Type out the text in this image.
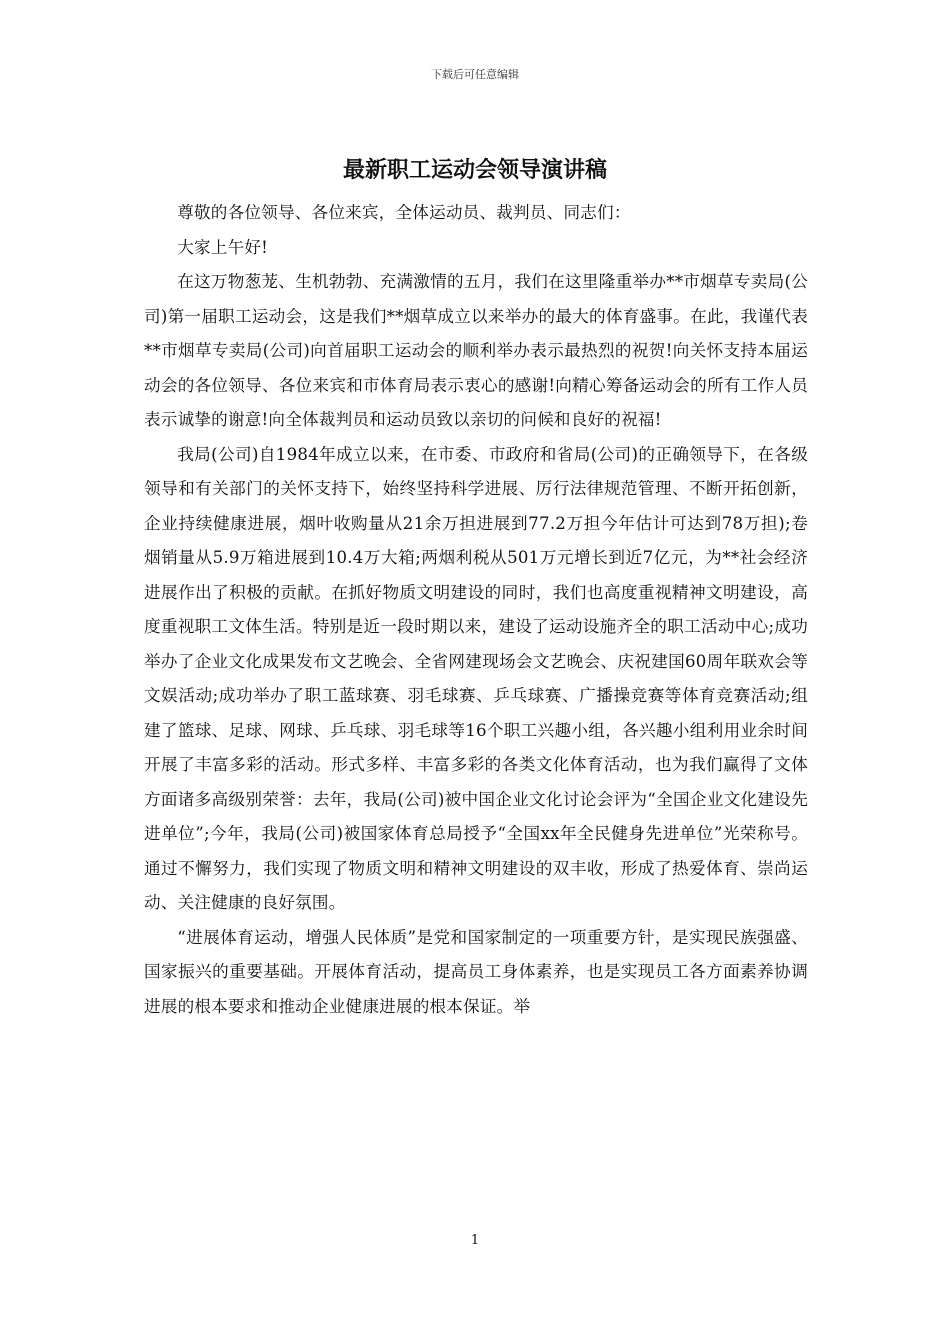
下载后可任意编辑
最新职工运动会领导演讲稿

尊敬的各位领导、各位来宾，全体运动员、裁判员、同志们：

大家上午好!

在这万物葱茏、生机勃勃、充满激情的五月，我们在这里隆重举办**市烟草专卖局(公司)第一届职工运动会，这是我们**烟草成立以来举办的最大的体育盛事。在此，我谨代表**市烟草专卖局(公司)向首届职工运动会的顺利举办表示最热烈的祝贺!向关怀支持本届运动会的各位领导、各位来宾和市体育局表示衷心的感谢!向精心筹备运动会的所有工作人员表示诚挚的谢意!向全体裁判员和运动员致以亲切的问候和良好的祝福!

我局(公司)自1984年成立以来，在市委、市政府和省局(公司)的正确领导下，在各级领导和有关部门的关怀支持下，始终坚持科学进展、厉行法律规范管理、不断开拓创新，企业持续健康进展，烟叶收购量从21余万担进展到77.2万担今年估计可达到78万担);卷烟销量从5.9万箱进展到10.4万大箱;两烟利税从501万元增长到近7亿元，为**社会经济进展作出了积极的贡献。在抓好物质文明建设的同时，我们也高度重视精神文明建设，高度重视职工文体生活。特别是近一段时期以来，建设了运动设施齐全的职工活动中心;成功举办了企业文化成果发布文艺晚会、全省网建现场会文艺晚会、庆祝建国60周年联欢会等文娱活动;成功举办了职工蓝球赛、羽毛球赛、乒乓球赛、广播操竞赛等体育竞赛活动;组建了篮球、足球、网球、乒乓球、羽毛球等16个职工兴趣小组，各兴趣小组利用业余时间开展了丰富多彩的活动。形式多样、丰富多彩的各类文化体育活动，也为我们赢得了文体方面诸多高级别荣誉：去年，我局(公司)被中国企业文化讨论会评为“全国企业文化建设先进单位”;今年，我局(公司)被国家体育总局授予“全国xx年全民健身先进单位”光荣称号。通过不懈努力，我们实现了物质文明和精神文明建设的双丰收，形成了热爱体育、崇尚运动、关注健康的良好氛围。

“进展体育运动，增强人民体质”是党和国家制定的一项重要方针，是实现民族强盛、国家振兴的重要基础。开展体育活动，提高员工身体素养，也是实现员工各方面素养协调进展的根本要求和推动企业健康进展的根本保证。举

1
